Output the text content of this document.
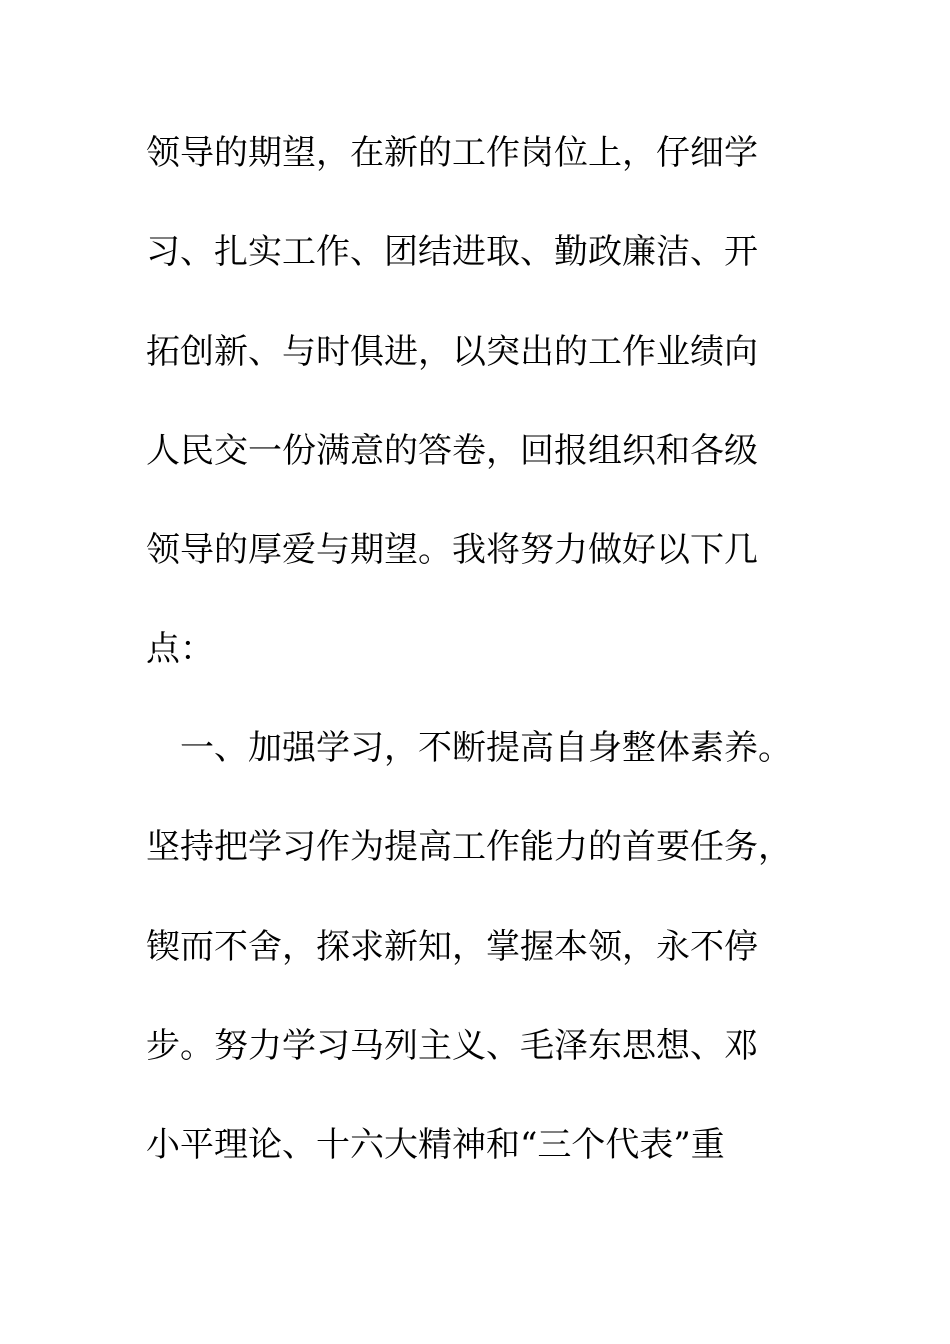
领导的期望，在新的工作岗位上，仔细学
习、扎实工作、团结进取、勤政廉洁、开
拓创新、与时俱进，以突出的工作业绩向
人民交一份满意的答卷，回报组织和各级
领导的厚爱与期望。我将努力做好以下几
点：
一、加强学习，不断提高自身整体素养。
坚持把学习作为提高工作能力的首要任务，
锲而不舍，探求新知，掌握本领，永不停
步。努力学习马列主义、毛泽东思想、邓
小平理论、十六大精神和“三个代表”重
